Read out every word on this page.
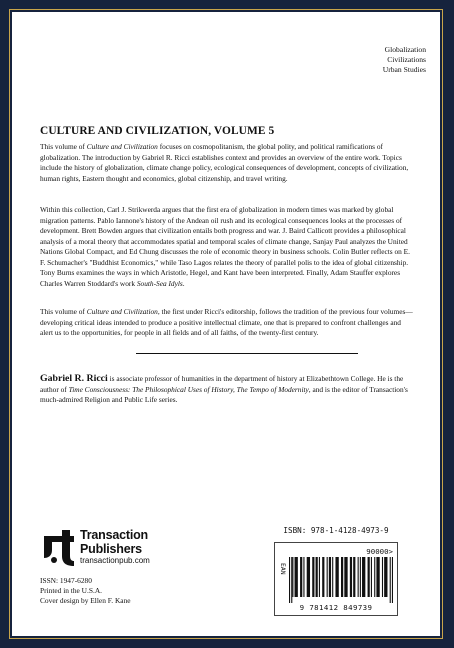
Globalization
Civilizations
Urban Studies
CULTURE AND CIVILIZATION, VOLUME 5

This volume of Culture and Civilization focuses on cosmopolitanism, the global polity, and political ramifications of globalization. The introduction by Gabriel R. Ricci establishes context and provides an overview of the entire work. Topics include the history of globalization, climate change policy, ecological consequences of development, concepts of civilization, human rights, Eastern thought and economics, global citizenship, and travel writing.

Within this collection, Carl J. Strikwerda argues that the first era of globalization in modern times was marked by global migration patterns. Pablo Iannone's history of the Andean oil rush and its ecological consequences looks at the processes of development. Brett Bowden argues that civilization entails both progress and war. J. Baird Callicott provides a philosophical analysis of a moral theory that accommodates spatial and temporal scales of climate change, Sanjay Paul analyzes the United Nations Global Compact, and Ed Chung discusses the role of economic theory in business schools. Colin Butler reflects on E. F. Schumacher's "Buddhist Economics," while Taso Lagos relates the theory of parallel polis to the idea of global citizenship. Tony Burns examines the ways in which Aristotle, Hegel, and Kant have been interpreted. Finally, Adam Stauffer explores Charles Warren Stoddard's work South-Sea Idyls.

This volume of Culture and Civilization, the first under Ricci's editorship, follows the tradition of the previous four volumes—developing critical ideas intended to produce a positive intellectual climate, one that is prepared to confront challenges and alert us to the opportunities, for people in all fields and of all faiths, of the twenty-first century.

Gabriel R. Ricci is associate professor of humanities in the department of history at Elizabethtown College. He is the author of Time Consciousness: The Philosophical Uses of History, The Tempo of Modernity, and is the editor of Transaction's much-admired Religion and Public Life series.

Transaction
Publishers
transactionpub.com
ISSN: 1947-6280
Printed in the U.S.A.
Cover design by Ellen F. Kane
ISBN: 978-1-4128-4973-9
90000>
EAN
9 781412 849739
